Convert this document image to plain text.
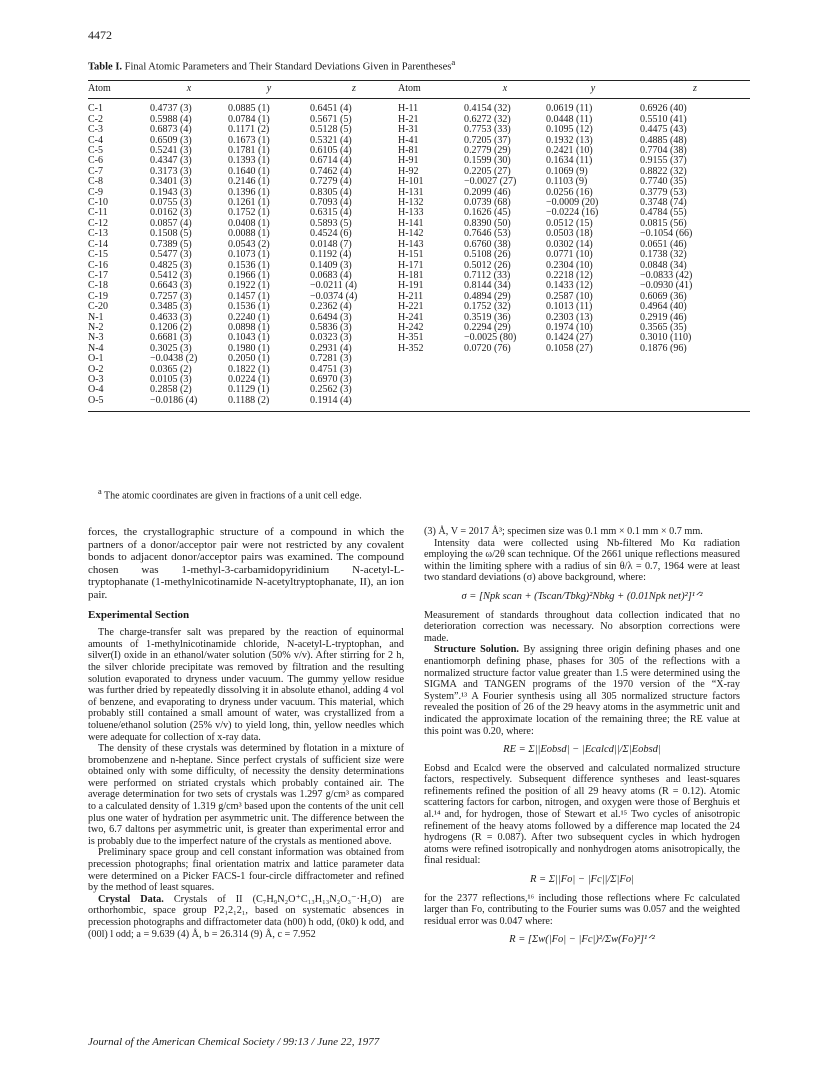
4472
Table I. Final Atomic Parameters and Their Standard Deviations Given in Parentheses$^a$
Atom	x	y	z	Atom	x	y	z
C-1	0.4737 (3)	0.0885 (1)	0.6451 (4)	H-11	0.4154 (32)	0.0619 (11)	0.6926 (40)
C-2	0.5988 (4)	0.0784 (1)	0.5671 (5)	H-21	0.6272 (32)	0.0448 (11)	0.5510 (41)
C-3	0.6873 (4)	0.1171 (2)	0.5128 (5)	H-31	0.7753 (33)	0.1095 (12)	0.4475 (43)
C-4	0.6509 (3)	0.1673 (1)	0.5321 (4)	H-41	0.7205 (37)	0.1932 (13)	0.4885 (48)
C-5	0.5241 (3)	0.1781 (1)	0.6105 (4)	H-81	0.2779 (29)	0.2421 (10)	0.7704 (38)
C-6	0.4347 (3)	0.1393 (1)	0.6714 (4)	H-91	0.1599 (30)	0.1634 (11)	0.9155 (37)
C-7	0.3173 (3)	0.1640 (1)	0.7462 (4)	H-92	0.2205 (27)	0.1069 (9)	0.8822 (32)
C-8	0.3401 (3)	0.2146 (1)	0.7279 (4)	H-101	−0.0027 (27)	0.1103 (9)	0.7740 (35)
C-9	0.1943 (3)	0.1396 (1)	0.8305 (4)	H-131	0.2099 (46)	0.0256 (16)	0.3779 (53)
C-10	0.0755 (3)	0.1261 (1)	0.7093 (4)	H-132	0.0739 (68)	−0.0009 (20)	0.3748 (74)
C-11	0.0162 (3)	0.1752 (1)	0.6315 (4)	H-133	0.1626 (45)	−0.0224 (16)	0.4784 (55)
C-12	0.0857 (4)	0.0408 (1)	0.5893 (5)	H-141	0.8390 (50)	0.0512 (15)	0.0815 (56)
C-13	0.1508 (5)	0.0088 (1)	0.4524 (6)	H-142	0.7646 (53)	0.0503 (18)	−0.1054 (66)
C-14	0.7389 (5)	0.0543 (2)	0.0148 (7)	H-143	0.6760 (38)	0.0302 (14)	0.0651 (46)
C-15	0.5477 (3)	0.1073 (1)	0.1192 (4)	H-151	0.5108 (26)	0.0771 (10)	0.1738 (32)
C-16	0.4825 (3)	0.1536 (1)	0.1409 (3)	H-171	0.5012 (26)	0.2304 (10)	0.0848 (34)
C-17	0.5412 (3)	0.1966 (1)	0.0683 (4)	H-181	0.7112 (33)	0.2218 (12)	−0.0833 (42)
C-18	0.6643 (3)	0.1922 (1)	−0.0211 (4)	H-191	0.8144 (34)	0.1433 (12)	−0.0930 (41)
C-19	0.7257 (3)	0.1457 (1)	−0.0374 (4)	H-211	0.4894 (29)	0.2587 (10)	0.6069 (36)
C-20	0.3485 (3)	0.1536 (1)	0.2362 (4)	H-221	0.1752 (32)	0.1013 (11)	0.4964 (40)
N-1	0.4633 (3)	0.2240 (1)	0.6494 (3)	H-241	0.3519 (36)	0.2303 (13)	0.2919 (46)
N-2	0.1206 (2)	0.0898 (1)	0.5836 (3)	H-242	0.2294 (29)	0.1974 (10)	0.3565 (35)
N-3	0.6681 (3)	0.1043 (1)	0.0323 (3)	H-351	−0.0025 (80)	0.1424 (27)	0.3010 (110)
N-4	0.3025 (3)	0.1980 (1)	0.2931 (4)	H-352	0.0720 (76)	0.1058 (27)	0.1876 (96)
O-1	−0.0438 (2)	0.2050 (1)	0.7281 (3)				
O-2	0.0365 (2)	0.1822 (1)	0.4751 (3)				
O-3	0.0105 (3)	0.0224 (1)	0.6970 (3)				
O-4	0.2858 (2)	0.1129 (1)	0.2562 (3)				
O-5	−0.0186 (4)	0.1188 (2)	0.1914 (4)				
$^a$ The atomic coordinates are given in fractions of a unit cell edge.

forces, the crystallographic structure of a compound in which the partners of a donor/acceptor pair were not restricted by any covalent bonds to adjacent donor/acceptor pairs was examined. The compound chosen was 1-methyl-3-carbamidopyridinium N-acetyl-L-tryptophanate (1-methylnicotinamide N-acetyltryptophanate, II), an ion pair.

Experimental Section

The charge-transfer salt was prepared by the reaction of equinormal amounts of 1-methylnicotinamide chloride, N-acetyl-L-tryptophan, and silver(I) oxide in an ethanol/water solution (50% v/v). After stirring for 2 h, the silver chloride precipitate was removed by filtration and the resulting solution evaporated to dryness under vacuum. The gummy yellow residue was further dried by repeatedly dissolving it in absolute ethanol, adding 4 vol of benzene, and evaporating to dryness under vacuum. This material, which probably still contained a small amount of water, was crystallized from a toluene/ethanol solution (25% v/v) to yield long, thin, yellow needles which were adequate for collection of x-ray data.

The density of these crystals was determined by flotation in a mixture of bromobenzene and n-heptane. Since perfect crystals of sufficient size were obtained only with some difficulty, of necessity the density determinations were performed on striated crystals which probably contained air. The average determination for two sets of crystals was 1.297 g/cm³ as compared to a calculated density of 1.319 g/cm³ based upon the contents of the unit cell plus one water of hydration per asymmetric unit. The difference between the two, 6.7 daltons per asymmetric unit, is greater than experimental error and is probably due to the imperfect nature of the crystals as mentioned above.

Preliminary space group and cell constant information was obtained from precession photographs; final orientation matrix and lattice parameter data were determined on a Picker FACS-1 four-circle diffractometer and refined by the method of least squares.

Crystal Data. Crystals of II (C₇H₉N₂O⁺C₁₃H₁₃N₂O₃⁻·H₂O) are orthorhombic, space group P2₁2₁2₁, based on systematic absences in precession photographs and diffractometer data (h00) h odd, (0k0) k odd, and (00l) l odd; a = 9.639 (4) Å, b = 26.314 (9) Å, c = 7.952

(3) Å, V = 2017 Å³; specimen size was 0.1 mm × 0.1 mm × 0.7 mm.

Intensity data were collected using Nb-filtered Mo Kα radiation employing the ω/2θ scan technique. Of the 2661 unique reflections measured within the limiting sphere with a radius of sin θ/λ = 0.7, 1964 were at least two standard deviations (σ) above background, where:

σ = [Npk scan + (Tscan/Tbkg)²Nbkg + (0.01Npk net)²]¹ᐟ²

Measurement of standards throughout data collection indicated that no deterioration correction was necessary. No absorption corrections were made.

Structure Solution. By assigning three origin defining phases and one enantiomorph defining phase, phases for 305 of the reflections with a normalized structure factor value greater than 1.5 were determined using the SIGMA and TANGEN programs of the 1970 version of the “X-ray System”.¹³ A Fourier synthesis using all 305 normalized structure factors revealed the position of 26 of the 29 heavy atoms in the asymmetric unit and indicated the approximate location of the remaining three; the RE value at this point was 0.20, where:

RE = Σ||Eobsd| − |Ecalcd||/Σ|Eobsd|

Eobsd and Ecalcd were the observed and calculated normalized structure factors, respectively. Subsequent difference syntheses and least-squares refinements refined the position of all 29 heavy atoms (R = 0.12). Atomic scattering factors for carbon, nitrogen, and oxygen were those of Berghuis et al.¹⁴ and, for hydrogen, those of Stewart et al.¹⁵ Two cycles of anisotropic refinement of the heavy atoms followed by a difference map located the 24 hydrogens (R = 0.087). After two subsequent cycles in which hydrogen atoms were refined isotropically and nonhydrogen atoms anisotropically, the final residual:

R = Σ||Fo| − |Fc||/Σ|Fo|

for the 2377 reflections,¹⁶ including those reflections where Fc calculated larger than Fo, contributing to the Fourier sums was 0.057 and the weighted residual error was 0.047 where:

R = [Σw(|Fo| − |Fc|)²/Σw(Fo)²]¹ᐟ²
Journal of the American Chemical Society / 99:13 / June 22, 1977
